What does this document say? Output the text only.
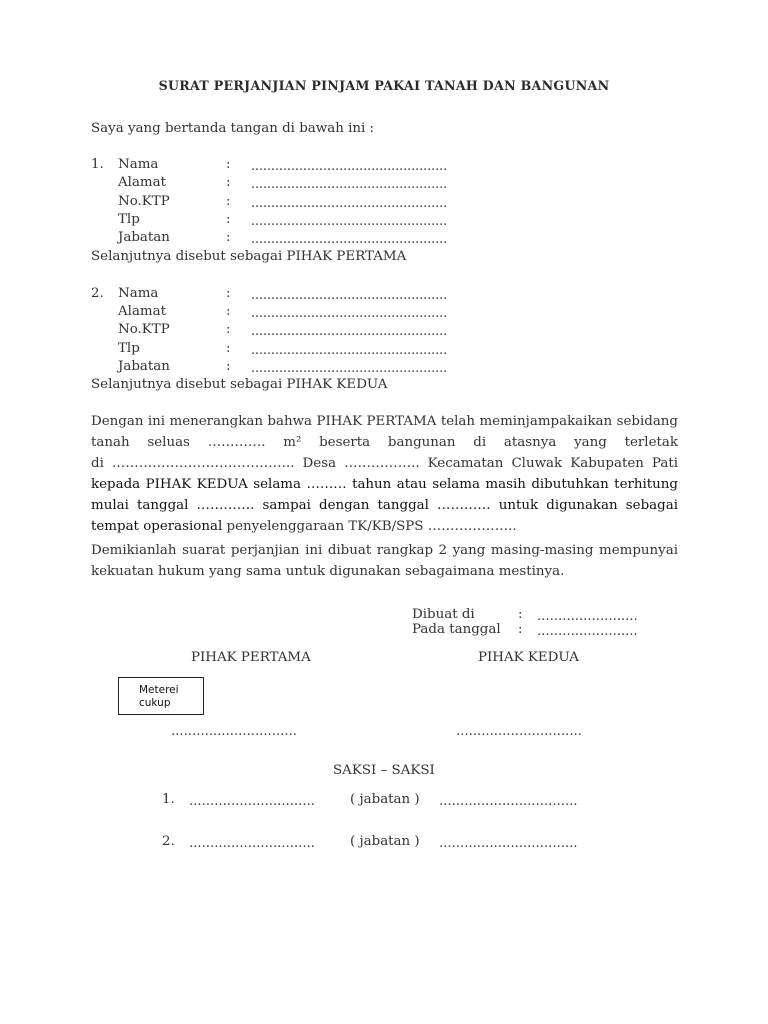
SURAT PERJANJIAN PINJAM PAKAI TANAH DAN BANGUNAN
Saya yang bertanda tangan di bawah ini :
1. Nama	: .................................................
Alamat	: .................................................
No.KTP	: .................................................
Tlp	: .................................................
Jabatan	: .................................................
Selanjutnya disebut sebagai PIHAK PERTAMA
2. Nama	: .................................................
Alamat	: .................................................
No.KTP	: .................................................
Tlp	: .................................................
Jabatan	: .................................................
Selanjutnya disebut sebagai PIHAK KEDUA
Dengan ini menerangkan bahwa PIHAK PERTAMA telah meminjampakaikan sebidang
tanah seluas …………. m² beserta bangunan di atasnya yang terletak
di ………………………………….. Desa …………….. Kecamatan Cluwak Kabupaten Pati
kepada PIHAK KEDUA selama ……… tahun atau selama masih dibutuhkan terhitung
mulai tanggal …………. sampai dengan tanggal ………… untuk digunakan sebagai
tempat operasional penyelenggaraan TK/KB/SPS ………………..
Demikianlah suarat perjanjian ini dibuat rangkap 2 yang masing-masing mempunyai
kekuatan hukum yang sama untuk digunakan sebagaimana mestinya.
Dibuat di	: ……………………
Pada tanggal : ……………………
PIHAK PERTAMA	PIHAK KEDUA
Meterei
cukup
…………………………	…………………………
SAKSI – SAKSI
1. …………………………	( jabatan ) ……………………………
2. …………………………	( jabatan ) ……………………………
